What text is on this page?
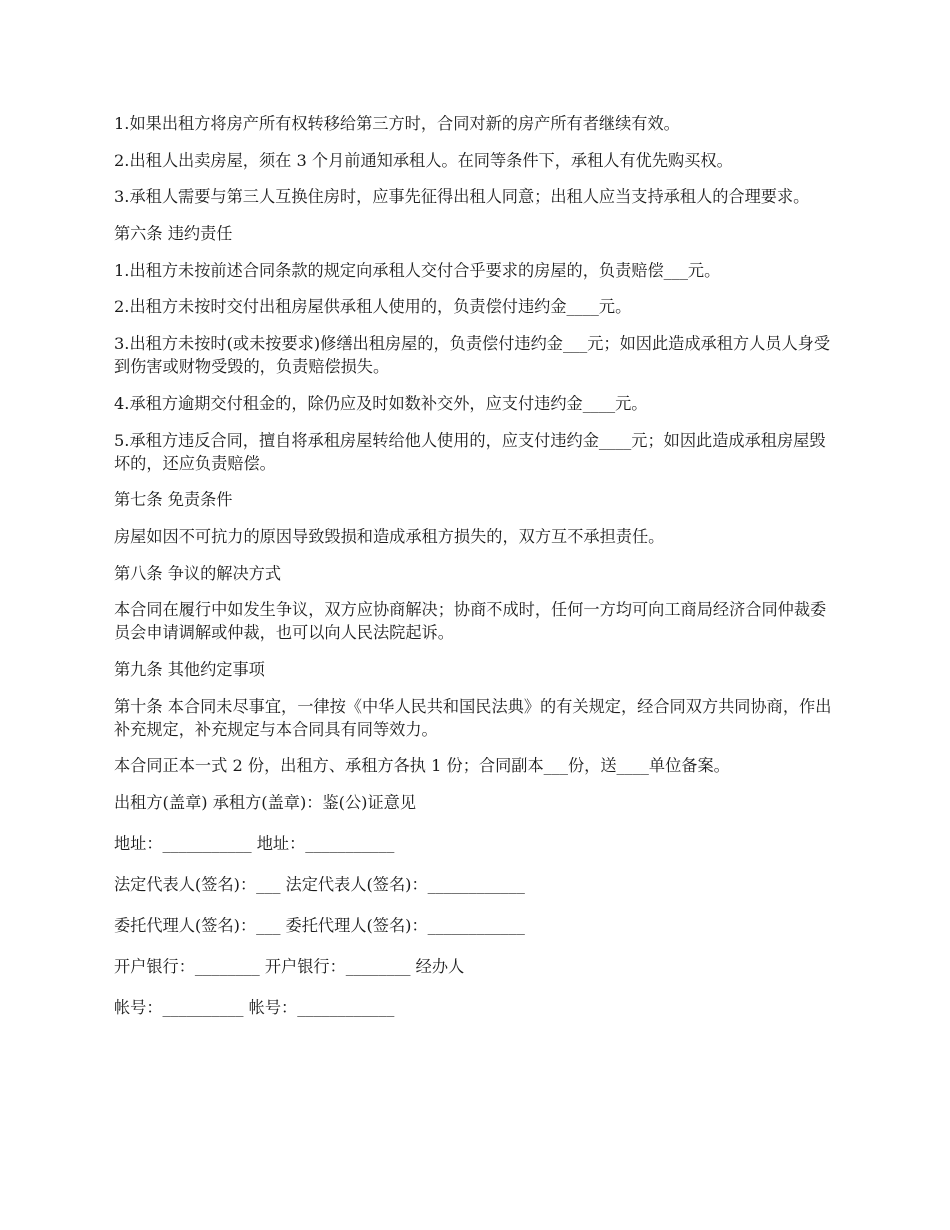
1.如果出租方将房产所有权转移给第三方时，合同对新的房产所有者继续有效。

2.出租人出卖房屋，须在 3 个月前通知承租人。在同等条件下，承租人有优先购买权。

3.承租人需要与第三人互换住房时，应事先征得出租人同意；出租人应当支持承租人的合理要求。

第六条 违约责任

1.出租方未按前述合同条款的规定向承租人交付合乎要求的房屋的，负责赔偿___元。

2.出租方未按时交付出租房屋供承租人使用的，负责偿付违约金____元。

3.出租方未按时(或未按要求)修缮出租房屋的，负责偿付违约金___元；如因此造成承租方人员人身受到伤害或财物受毁的，负责赔偿损失。

4.承租方逾期交付租金的，除仍应及时如数补交外，应支付违约金____元。

5.承租方违反合同，擅自将承租房屋转给他人使用的，应支付违约金____元；如因此造成承租房屋毁坏的，还应负责赔偿。

第七条 免责条件

房屋如因不可抗力的原因导致毁损和造成承租方损失的，双方互不承担责任。

第八条 争议的解决方式

本合同在履行中如发生争议，双方应协商解决；协商不成时，任何一方均可向工商局经济合同仲裁委员会申请调解或仲裁，也可以向人民法院起诉。

第九条 其他约定事项

第十条 本合同未尽事宜，一律按《中华人民共和国民法典》的有关规定，经合同双方共同协商，作出补充规定，补充规定与本合同具有同等效力。

本合同正本一式 2 份，出租方、承租方各执 1 份；合同副本___份，送____单位备案。

出租方(盖章) 承租方(盖章)：鉴(公)证意见

地址：___________ 地址：___________

法定代表人(签名)：___ 法定代表人(签名)：____________

委托代理人(签名)：___ 委托代理人(签名)：____________

开户银行：________ 开户银行：________ 经办人

帐号：__________ 帐号：____________
